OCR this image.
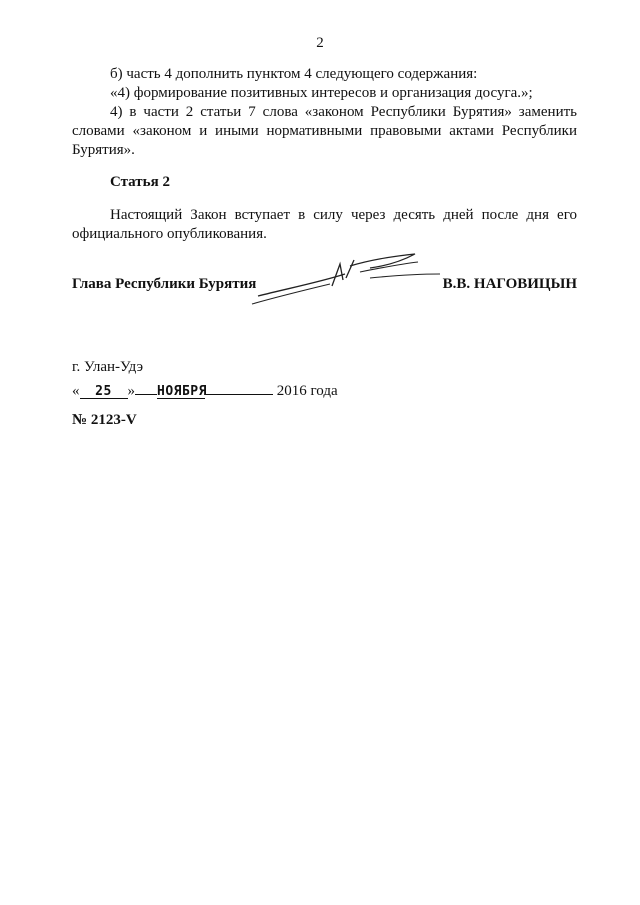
2

б) часть 4 дополнить пунктом 4 следующего содержания:

«4) формирование позитивных интересов и организация досуга.»;

4) в части 2 статьи 7 слова «законом Республики Бурятия» заменить словами «законом и иными нормативными правовыми актами Республики Бурятия».

Статья 2

Настоящий Закон вступает в силу через десять дней после дня его официального опубликования.

Глава Республики Бурятия	В.В. НАГОВИЦЫН
г. Улан-Удэ
« 25 » НОЯБРЯ	2016 года
№ 2123-V
